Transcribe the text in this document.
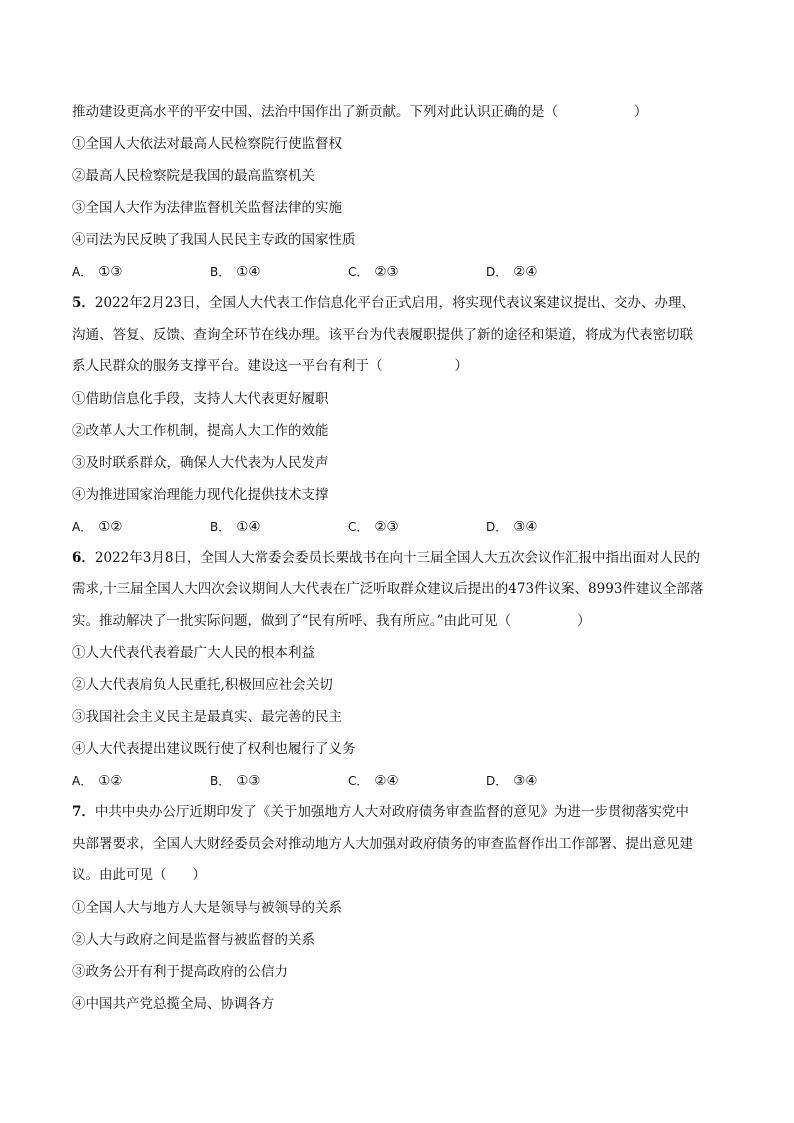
推动建设更高水平的平安中国、法治中国作出了新贡献。下列对此认识正确的是（	）
①全国人大依法对最高人民检察院行使监督权
②最高人民检察院是我国的最高监察机关
③全国人大作为法律监督机关监督法律的实施
④司法为民反映了我国人民民主专政的国家性质
A． ①③	B． ①④	C． ②③	D． ②④
5．2022年2月23日，全国人大代表工作信息化平台正式启用，将实现代表议案建议提出、交办、办理、
沟通、答复、反馈、查询全环节在线办理。该平台为代表履职提供了新的途径和渠道，将成为代表密切联
系人民群众的服务支撑平台。建设这一平台有利于（	）
①借助信息化手段，支持人大代表更好履职
②改革人大工作机制，提高人大工作的效能
③及时联系群众，确保人大代表为人民发声
④为推进国家治理能力现代化提供技术支撑
A． ①②	B． ①④	C． ②③	D． ③④
6．2022年3月8日，全国人大常委会委员长栗战书在向十三届全国人大五次会议作汇报中指出面对人民的
需求,十三届全国人大四次会议期间人大代表在广泛听取群众建议后提出的473件议案、8993件建议全部落
实。推动解决了一批实际问题，做到了“民有所呼、我有所应。”由此可见（	）
①人大代表代表着最广大人民的根本利益
②人大代表肩负人民重托,积极回应社会关切
③我国社会主义民主是最真实、最完善的民主
④人大代表提出建议既行使了权利也履行了义务
A． ①②	B． ①③	C． ②④	D． ③④
7．中共中央办公厅近期印发了《关于加强地方人大对政府债务审查监督的意见》为进一步贯彻落实党中
央部署要求，全国人大财经委员会对推动地方人大加强对政府债务的审查监督作出工作部署、提出意见建
议。由此可见（ ）
①全国人大与地方人大是领导与被领导的关系
②人大与政府之间是监督与被监督的关系
③政务公开有利于提高政府的公信力
④中国共产党总揽全局、协调各方
